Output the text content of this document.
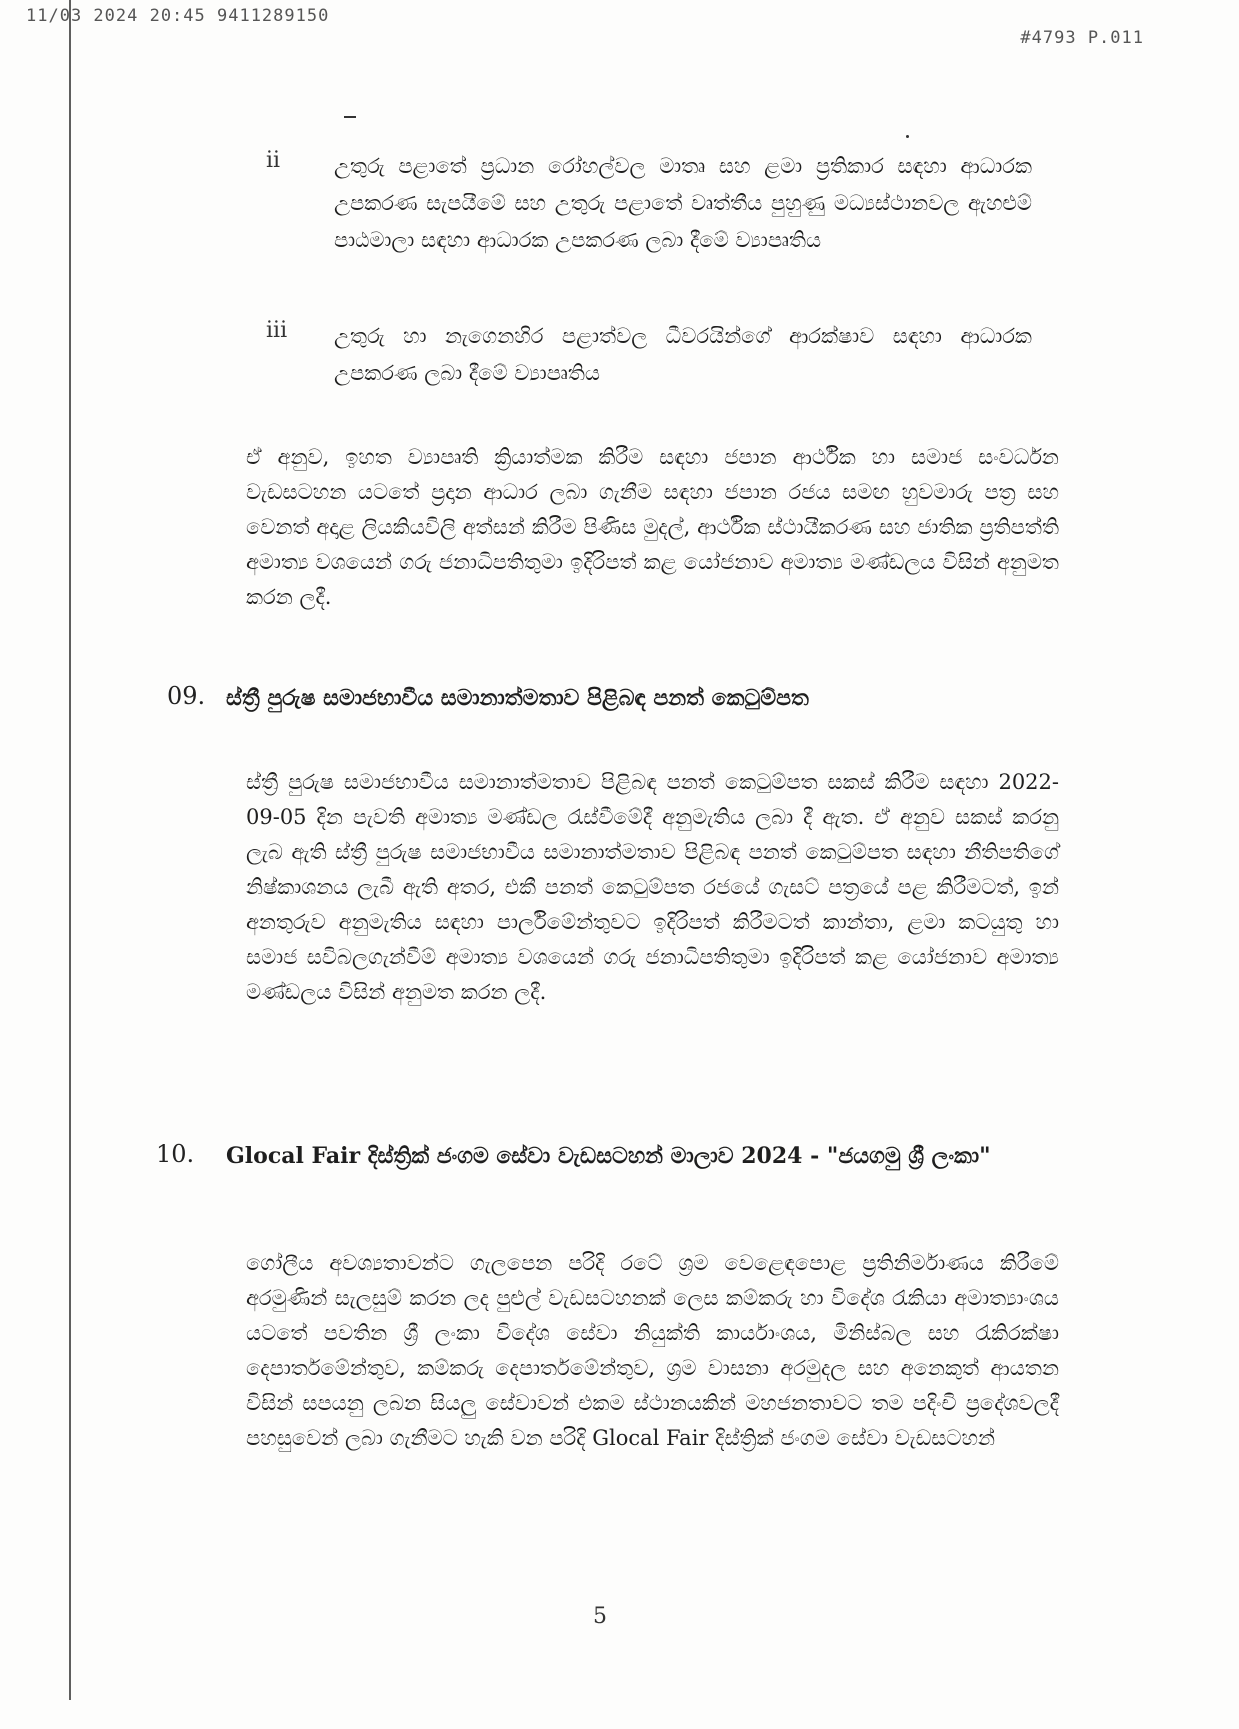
11/03 2024 20:45 9411289150
#4793 P.011
ii	උතුරු පළාතේ ප්‍රධාන රෝහල්වල මාතෘ සහ ළමා ප්‍රතිකාර සඳහා ආධාරක උපකරණ සැපයීමේ සහ උතුරු පළාතේ වෘත්තීය පුහුණු මධ්‍යස්ථානවල ඇහළුම් පාඨමාලා සඳහා ආධාරක උපකරණ ලබා දීමේ ව්‍යාපෘතිය
iii උතුරු හා නැගෙනහිර පළාත්වල ධීවරයින්ගේ ආරක්ෂාව සඳහා ආධාරක උපකරණ ලබා දීමේ ව්‍යාපෘතිය
ඒ අනුව, ඉහත ව්‍යාපෘති ක්‍රියාත්මක කිරීම සඳහා ජපාන ආර්ථික හා සමාජ සංවර්ධන වැඩසටහන යටතේ ප්‍රදාන ආධාර ලබා ගැනීම සඳහා ජපාන රජය සමඟ හුවමාරු පත්‍ර සහ වෙනත් අදාළ ලියකියවිලි අත්සන් කිරීම පිණිස මුදල්, ආර්ථික ස්ථායීකරණ සහ ජාතික ප්‍රතිපත්ති අමාත්‍ය වශයෙන් ගරු ජනාධිපතිතුමා ඉදිරිපත් කළ යෝජනාව අමාත්‍ය මණ්ඩලය විසින් අනුමත කරන ලදී.
09. ස්ත්‍රී පුරුෂ සමාජභාවීය සමානාත්මතාව පිළිබඳ පනත් කෙටුම්පත
ස්ත්‍රී පුරුෂ සමාජභාවීය සමානාත්මතාව පිළිබඳ පනත් කෙටුම්පත සකස් කිරීම සඳහා 2022-09-05 දින පැවති අමාත්‍ය මණ්ඩල රැස්වීමේදී අනුමැතිය ලබා දී ඇත. ඒ අනුව සකස් කරනු ලැබ ඇති ස්ත්‍රී පුරුෂ සමාජභාවීය සමානාත්මතාව පිළිබඳ පනත් කෙටුම්පත සඳහා නීතිපතිගේ නිෂ්කාශනය ලැබී ඇති අතර, එකී පනත් කෙටුම්පත රජයේ ගැසට් පත්‍රයේ පළ කිරීමටත්, ඉන් අනතුරුව අනුමැතිය සඳහා පාර්ලිමේන්තුවට ඉදිරිපත් කිරීමටත් කාන්තා, ළමා කටයුතු හා සමාජ සවිබලගැන්වීම් අමාත්‍ය වශයෙන් ගරු ජනාධිපතිතුමා ඉදිරිපත් කළ යෝජනාව අමාත්‍ය මණ්ඩලය විසින් අනුමත කරන ලදී.
10. Glocal Fair දිස්ත්‍රික් ජංගම සේවා වැඩසටහන් මාලාව 2024 - "ජයගමු ශ්‍රී ලංකා"
ගෝලීය අවශ්‍යතාවන්ට ගැලපෙන පරිදි රටේ ශ්‍රම වෙළෙඳපොළ ප්‍රතිනිර්මාණය කිරීමේ අරමුණින් සැලසුම් කරන ලද පුළුල් වැඩසටහනක් ලෙස කම්කරු හා විදේශ රැකියා අමාත්‍යාංශය යටතේ පවතින ශ්‍රී ලංකා විදේශ සේවා නියුක්ති කාර්යාංශය, මිනිස්බල සහ රැකිරක්ෂා දෙපාර්තමේන්තුව, කම්කරු දෙපාර්තමේන්තුව, ශ්‍රම වාසනා අරමුදල සහ අනෙකුත් ආයතන විසින් සපයනු ලබන සියලු සේවාවන් එකම ස්ථානයකින් මහජනතාවට තම පදිංචි ප්‍රදේශවලදී පහසුවෙන් ලබා ගැනීමට හැකි වන පරිදි Glocal Fair දිස්ත්‍රික් ජංගම සේවා වැඩසටහන්
5
